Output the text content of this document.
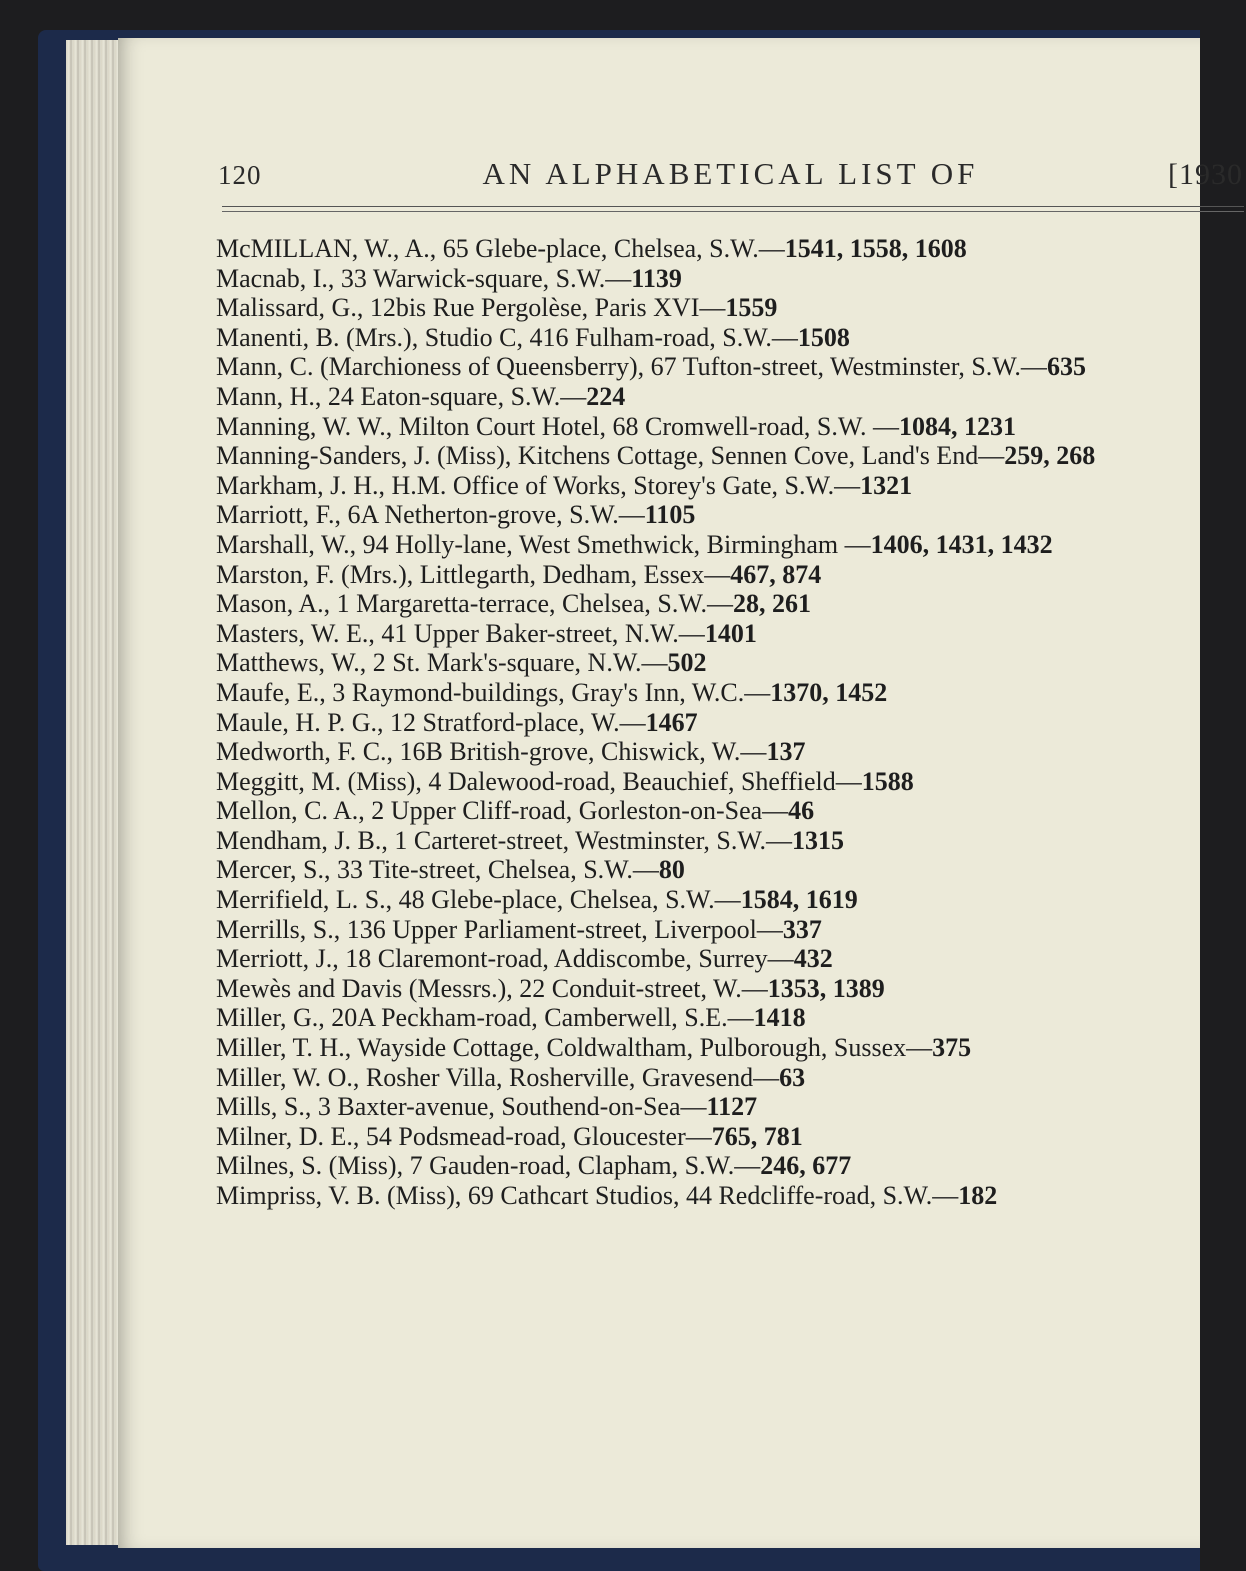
120	AN ALPHABETICAL LIST OF	[1930

McMILLAN, W., A., 65 Glebe-place, Chelsea, S.W.—1541, 1558, 1608

Macnab, I., 33 Warwick-square, S.W.—1139

Malissard, G., 12bis Rue Pergolèse, Paris XVI—1559

Manenti, B. (Mrs.), Studio C, 416 Fulham-road, S.W.—1508

Mann, C. (Marchioness of Queensberry), 67 Tufton-street, Westminster, S.W.—635

Mann, H., 24 Eaton-square, S.W.—224

Manning, W. W., Milton Court Hotel, 68 Cromwell-road, S.W. —1084, 1231

Manning-Sanders, J. (Miss), Kitchens Cottage, Sennen Cove, Land's End—259, 268

Markham, J. H., H.M. Office of Works, Storey's Gate, S.W.—1321

Marriott, F., 6A Netherton-grove, S.W.—1105

Marshall, W., 94 Holly-lane, West Smethwick, Birmingham —1406, 1431, 1432

Marston, F. (Mrs.), Littlegarth, Dedham, Essex—467, 874

Mason, A., 1 Margaretta-terrace, Chelsea, S.W.—28, 261

Masters, W. E., 41 Upper Baker-street, N.W.—1401

Matthews, W., 2 St. Mark's-square, N.W.—502

Maufe, E., 3 Raymond-buildings, Gray's Inn, W.C.—1370, 1452

Maule, H. P. G., 12 Stratford-place, W.—1467

Medworth, F. C., 16B British-grove, Chiswick, W.—137

Meggitt, M. (Miss), 4 Dalewood-road, Beauchief, Sheffield—1588

Mellon, C. A., 2 Upper Cliff-road, Gorleston-on-Sea—46

Mendham, J. B., 1 Carteret-street, Westminster, S.W.—1315

Mercer, S., 33 Tite-street, Chelsea, S.W.—80

Merrifield, L. S., 48 Glebe-place, Chelsea, S.W.—1584, 1619

Merrills, S., 136 Upper Parliament-street, Liverpool—337

Merriott, J., 18 Claremont-road, Addiscombe, Surrey—432

Mewès and Davis (Messrs.), 22 Conduit-street, W.—1353, 1389

Miller, G., 20A Peckham-road, Camberwell, S.E.—1418

Miller, T. H., Wayside Cottage, Coldwaltham, Pulborough, Sussex—375

Miller, W. O., Rosher Villa, Rosherville, Gravesend—63

Mills, S., 3 Baxter-avenue, Southend-on-Sea—1127

Milner, D. E., 54 Podsmead-road, Gloucester—765, 781

Milnes, S. (Miss), 7 Gauden-road, Clapham, S.W.—246, 677

Mimpriss, V. B. (Miss), 69 Cathcart Studios, 44 Redcliffe-road, S.W.—182
